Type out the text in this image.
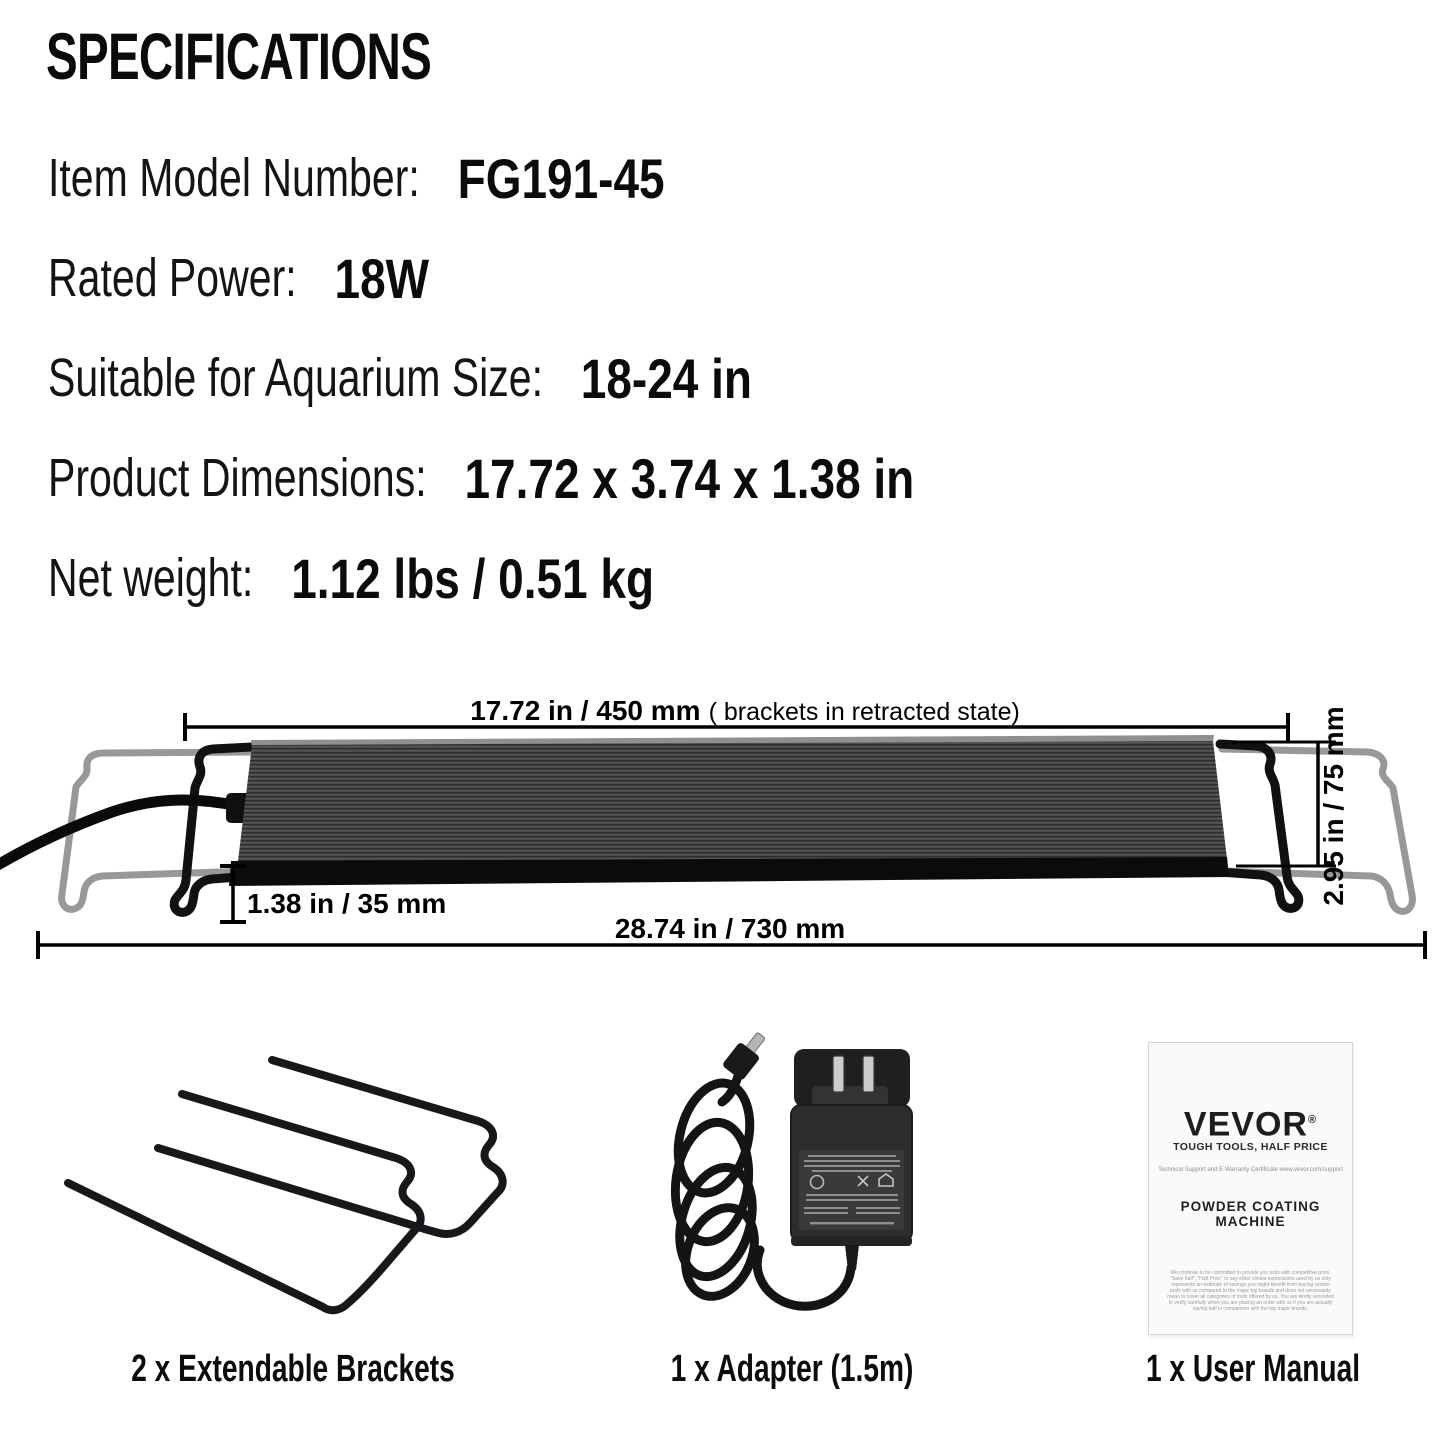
SPECIFICATIONS
Item Model Number: FG191-45
Rated Power: 18W
Suitable for Aquarium Size: 18-24 in
Product Dimensions: 17.72 x 3.74 x 1.38 in
Net weight: 1.12 lbs / 0.51 kg
17.72 in / 450 mm ( brackets in retracted state)	2.95 in / 75 mm
1.38 in / 35 mm
28.74 in / 730 mm
VEVOR®
TOUGH TOOLS, HALF PRICE
Technical Support and E-Warranty Certificate www.vevor.com/support
POWDER COATING MACHINE
We continue to be committed to provide you tools with competitive price. "Save half", "Half Price" or any other similar expressions used by us only represents an estimate of savings you might benefit from buying certain tools with us compared to the major top brands and does not necessarily mean to cover all categories of tools offered by us. You are kindly reminded to verify carefully when you are placing an order with us if you are actually saving half in comparison with the top major brands.
2 x Extendable Brackets	1 x Adapter (1.5m)	1 x User Manual
